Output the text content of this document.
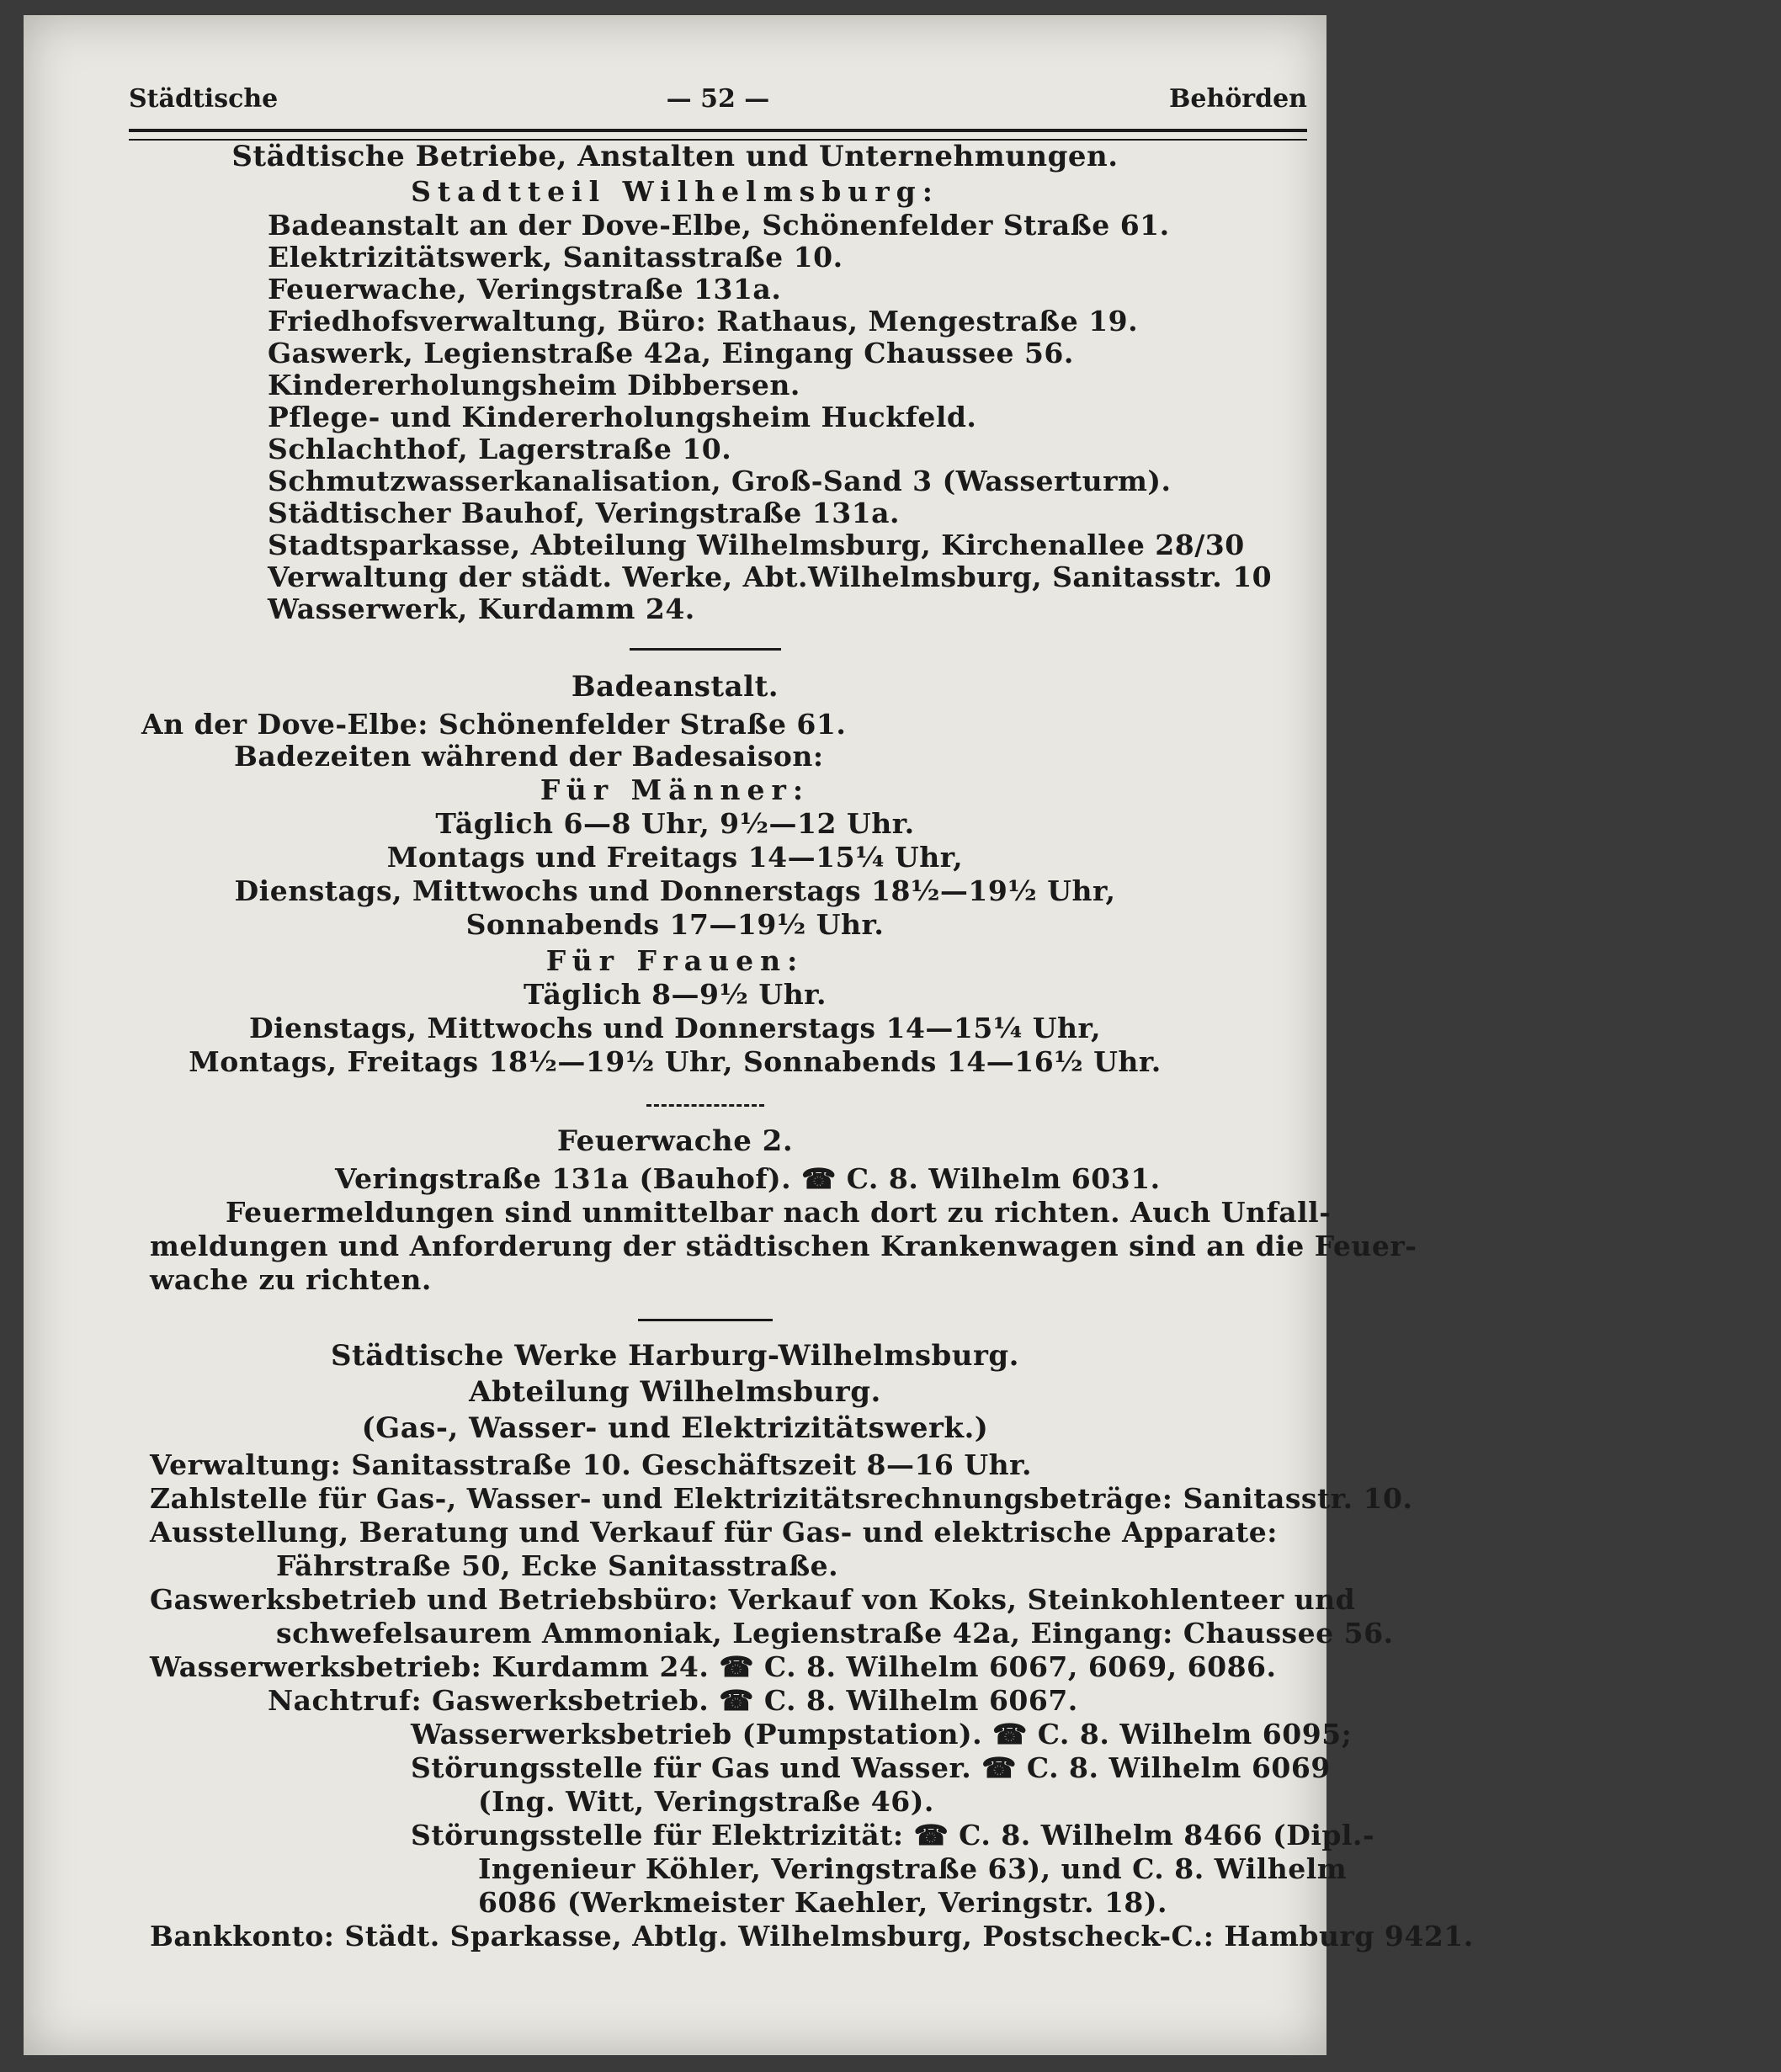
Städtische	— 52 —	Behörden
Städtische Betriebe, Anstalten und Unternehmungen.
Stadtteil Wilhelmsburg:
Badeanstalt an der Dove-Elbe, Schönenfelder Straße 61.
Elektrizitätswerk, Sanitasstraße 10.
Feuerwache, Veringstraße 131a.
Friedhofsverwaltung, Büro: Rathaus, Mengestraße 19.
Gaswerk, Legienstraße 42a, Eingang Chaussee 56.
Kindererholungsheim Dibbersen.
Pflege- und Kindererholungsheim Huckfeld.
Schlachthof, Lagerstraße 10.
Schmutzwasserkanalisation, Groß-Sand 3 (Wasserturm).
Städtischer Bauhof, Veringstraße 131a.
Stadtsparkasse, Abteilung Wilhelmsburg, Kirchenallee 28/30
Verwaltung der städt. Werke, Abt.Wilhelmsburg, Sanitasstr. 10
Wasserwerk, Kurdamm 24.
Badeanstalt.
An der Dove-Elbe: Schönenfelder Straße 61.
Badezeiten während der Badesaison:
Für Männer:
Täglich 6—8 Uhr, 9½—12 Uhr.
Montags und Freitags 14—15¼ Uhr,
Dienstags, Mittwochs und Donnerstags 18½—19½ Uhr,
Sonnabends 17—19½ Uhr.
Für Frauen:
Täglich 8—9½ Uhr.
Dienstags, Mittwochs und Donnerstags 14—15¼ Uhr,
Montags, Freitags 18½—19½ Uhr, Sonnabends 14—16½ Uhr.
Feuerwache 2.
Veringstraße 131a (Bauhof). ☎ C. 8. Wilhelm 6031.
Feuermeldungen sind unmittelbar nach dort zu richten. Auch Unfall-
meldungen und Anforderung der städtischen Krankenwagen sind an die Feuer-
wache zu richten.
Städtische Werke Harburg-Wilhelmsburg.
Abteilung Wilhelmsburg.
(Gas-, Wasser- und Elektrizitätswerk.)
Verwaltung: Sanitasstraße 10. Geschäftszeit 8—16 Uhr.
Zahlstelle für Gas-, Wasser- und Elektrizitätsrechnungsbeträge: Sanitasstr. 10.
Ausstellung, Beratung und Verkauf für Gas- und elektrische Apparate:
Fährstraße 50, Ecke Sanitasstraße.
Gaswerksbetrieb und Betriebsbüro: Verkauf von Koks, Steinkohlenteer und
schwefelsaurem Ammoniak, Legienstraße 42a, Eingang: Chaussee 56.
Wasserwerksbetrieb: Kurdamm 24. ☎ C. 8. Wilhelm 6067, 6069, 6086.
Nachtruf: Gaswerksbetrieb. ☎ C. 8. Wilhelm 6067.
Wasserwerksbetrieb (Pumpstation). ☎ C. 8. Wilhelm 6095;
Störungsstelle für Gas und Wasser. ☎ C. 8. Wilhelm 6069
(Ing. Witt, Veringstraße 46).
Störungsstelle für Elektrizität: ☎ C. 8. Wilhelm 8466 (Dipl.-
Ingenieur Köhler, Veringstraße 63), und C. 8. Wilhelm
6086 (Werkmeister Kaehler, Veringstr. 18).
Bankkonto: Städt. Sparkasse, Abtlg. Wilhelmsburg, Postscheck-C.: Hamburg 9421.
